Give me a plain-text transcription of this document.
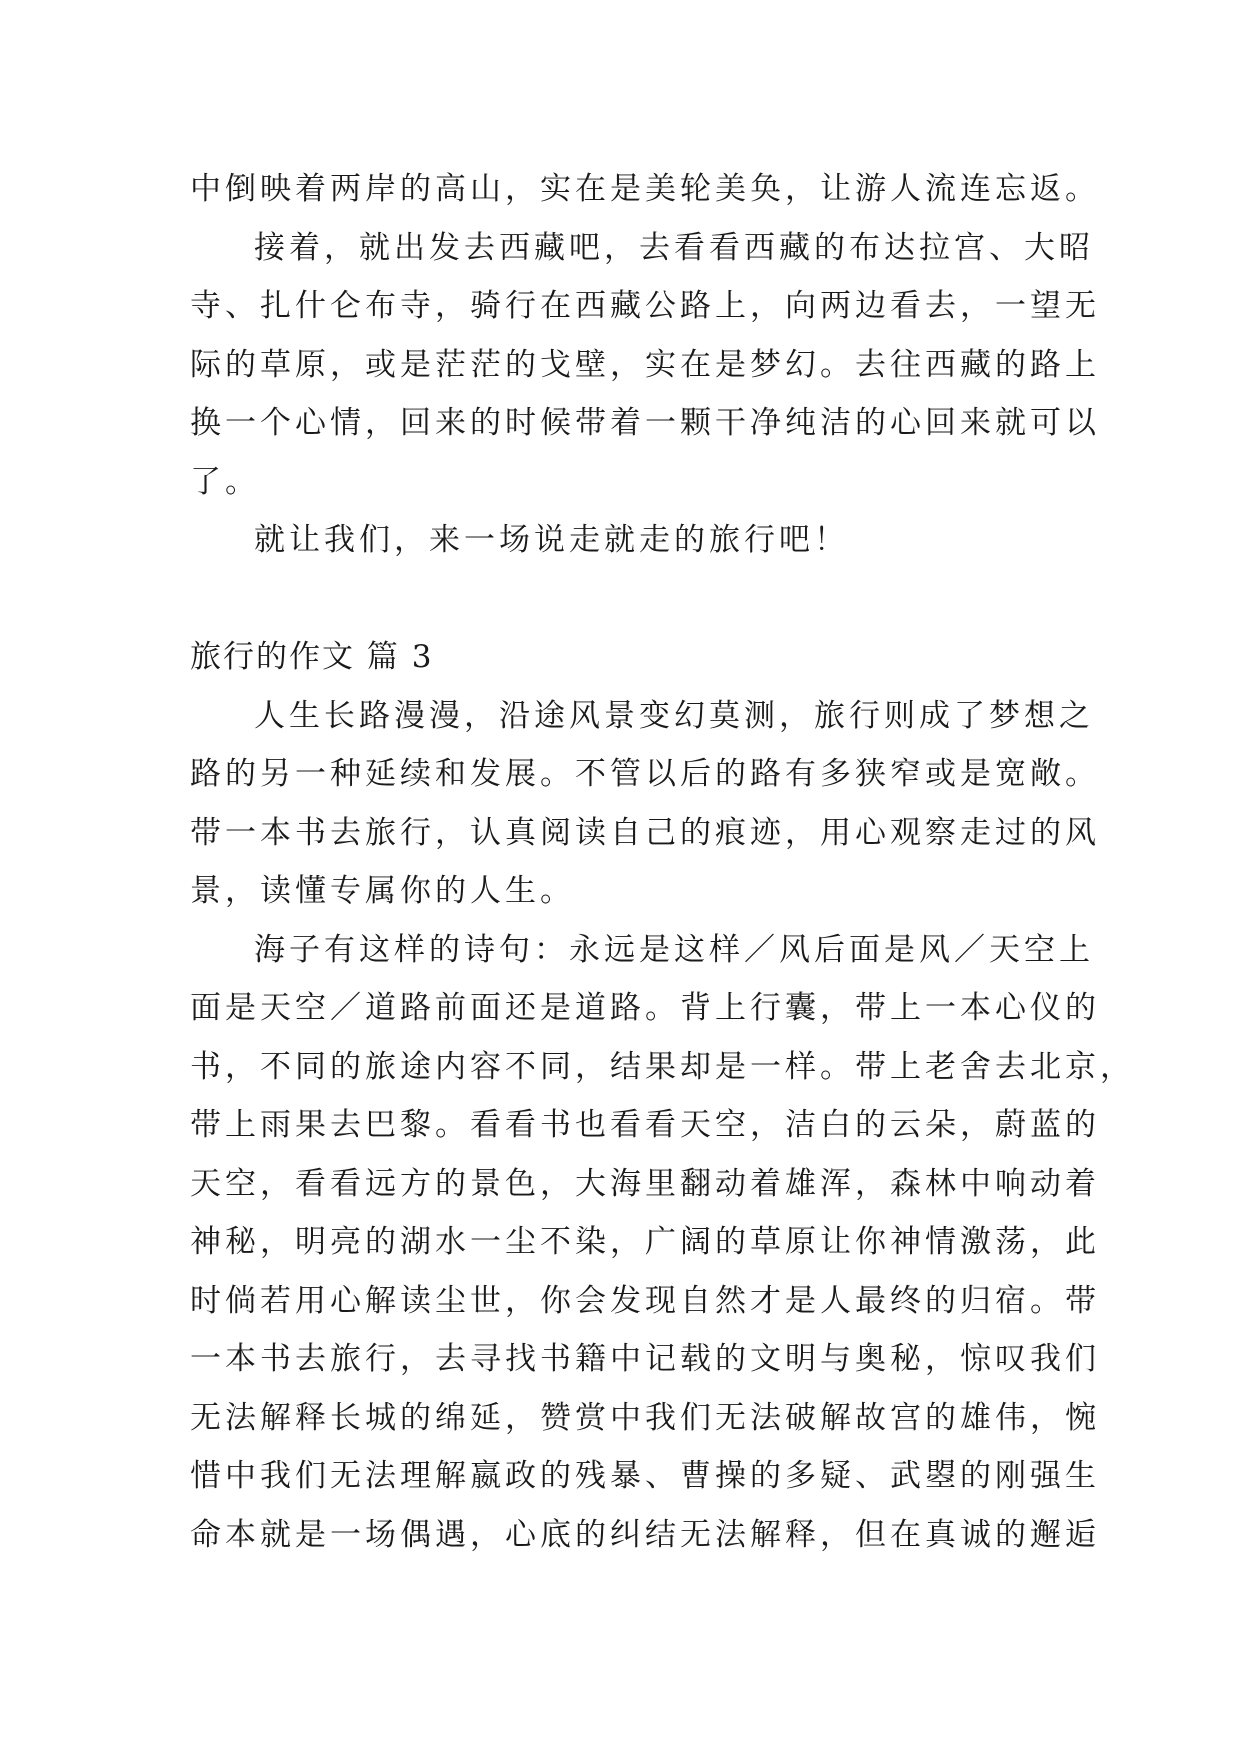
中倒映着两岸的高山，实在是美轮美奂，让游人流连忘返。
接着，就出发去西藏吧，去看看西藏的布达拉宫、大昭
寺、扎什仑布寺，骑行在西藏公路上，向两边看去，一望无
际的草原，或是茫茫的戈壁，实在是梦幻。去往西藏的路上
换一个心情，回来的时候带着一颗干净纯洁的心回来就可以
了。
就让我们，来一场说走就走的旅行吧！
旅行的作文 篇 3
人生长路漫漫，沿途风景变幻莫测，旅行则成了梦想之
路的另一种延续和发展。不管以后的路有多狭窄或是宽敞。
带一本书去旅行，认真阅读自己的痕迹，用心观察走过的风
景，读懂专属你的人生。
海子有这样的诗句：永远是这样／风后面是风／天空上
面是天空／道路前面还是道路。背上行囊，带上一本心仪的
书，不同的旅途内容不同，结果却是一样。带上老舍去北京，
带上雨果去巴黎。看看书也看看天空，洁白的云朵，蔚蓝的
天空，看看远方的景色，大海里翻动着雄浑，森林中响动着
神秘，明亮的湖水一尘不染，广阔的草原让你神情激荡，此
时倘若用心解读尘世，你会发现自然才是人最终的归宿。带
一本书去旅行，去寻找书籍中记载的文明与奥秘，惊叹我们
无法解释长城的绵延，赞赏中我们无法破解故宫的雄伟，惋
惜中我们无法理解嬴政的残暴、曹操的多疑、武曌的刚强生
命本就是一场偶遇，心底的纠结无法解释，但在真诚的邂逅
